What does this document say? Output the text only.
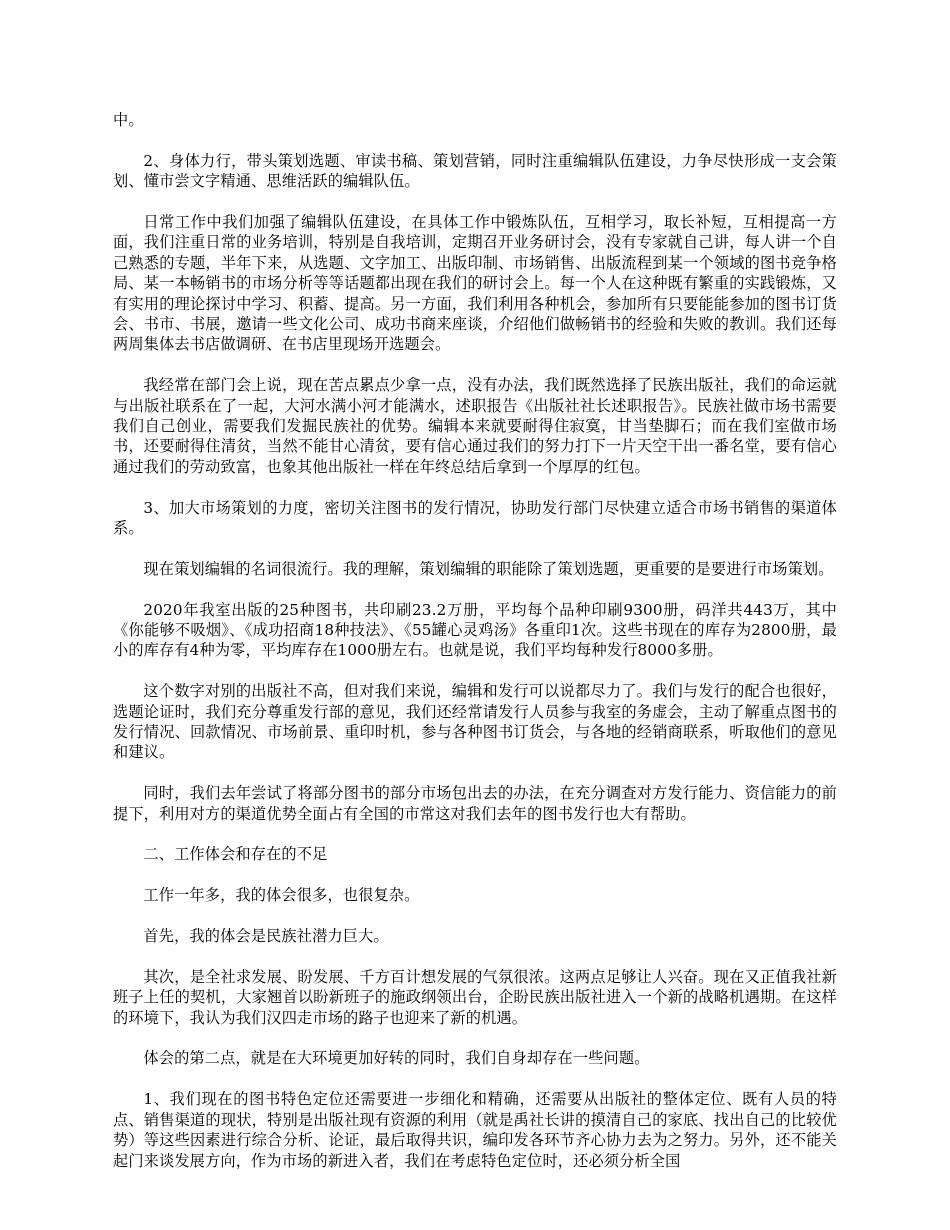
中。

2、身体力行，带头策划选题、审读书稿、策划营销，同时注重编辑队伍建设，力争尽快形成一支会策划、懂市尝文字精通、思维活跃的编辑队伍。

日常工作中我们加强了编辑队伍建设，在具体工作中锻炼队伍，互相学习，取长补短，互相提高一方面，我们注重日常的业务培训，特别是自我培训，定期召开业务研讨会，没有专家就自己讲，每人讲一个自己熟悉的专题，半年下来，从选题、文字加工、出版印制、市场销售、出版流程到某一个领域的图书竞争格局、某一本畅销书的市场分析等等话题都出现在我们的研讨会上。每一个人在这种既有繁重的实践锻炼，又有实用的理论探讨中学习、积蓄、提高。另一方面，我们利用各种机会，参加所有只要能能参加的图书订货会、书市、书展，邀请一些文化公司、成功书商来座谈，介绍他们做畅销书的经验和失败的教训。我们还每两周集体去书店做调研、在书店里现场开选题会。

我经常在部门会上说，现在苦点累点少拿一点，没有办法，我们既然选择了民族出版社，我们的命运就与出版社联系在了一起，大河水满小河才能满水，述职报告《出版社社长述职报告》。民族社做市场书需要我们自己创业，需要我们发掘民族社的优势。编辑本来就要耐得住寂寞，甘当垫脚石；而在我们室做市场书，还要耐得住清贫，当然不能甘心清贫，要有信心通过我们的努力打下一片天空干出一番名堂，要有信心通过我们的劳动致富，也象其他出版社一样在年终总结后拿到一个厚厚的红包。

3、加大市场策划的力度，密切关注图书的发行情况，协助发行部门尽快建立适合市场书销售的渠道体系。

现在策划编辑的名词很流行。我的理解，策划编辑的职能除了策划选题，更重要的是要进行市场策划。

2020年我室出版的25种图书，共印刷23.2万册，平均每个品种印刷9300册，码洋共443万，其中《你能够不吸烟》、《成功招商18种技法》、《55罐心灵鸡汤》各重印1次。这些书现在的库存为2800册，最小的库存有4种为零，平均库存在1000册左右。也就是说，我们平均每种发行8000多册。

这个数字对别的出版社不高，但对我们来说，编辑和发行可以说都尽力了。我们与发行的配合也很好，选题论证时，我们充分尊重发行部的意见，我们还经常请发行人员参与我室的务虚会，主动了解重点图书的发行情况、回款情况、市场前景、重印时机，参与各种图书订货会，与各地的经销商联系，听取他们的意见和建议。

同时，我们去年尝试了将部分图书的部分市场包出去的办法，在充分调查对方发行能力、资信能力的前提下，利用对方的渠道优势全面占有全国的市常这对我们去年的图书发行也大有帮助。

二、工作体会和存在的不足

工作一年多，我的体会很多，也很复杂。

首先，我的体会是民族社潜力巨大。

其次，是全社求发展、盼发展、千方百计想发展的气氛很浓。这两点足够让人兴奋。现在又正值我社新班子上任的契机，大家翘首以盼新班子的施政纲领出台，企盼民族出版社进入一个新的战略机遇期。在这样的环境下，我认为我们汉四走市场的路子也迎来了新的机遇。

体会的第二点，就是在大环境更加好转的同时，我们自身却存在一些问题。

1、我们现在的图书特色定位还需要进一步细化和精确，还需要从出版社的整体定位、既有人员的特点、销售渠道的现状，特别是出版社现有资源的利用（就是禹社长讲的摸清自己的家底、找出自己的比较优势）等这些因素进行综合分析、论证，最后取得共识，编印发各环节齐心协力去为之努力。另外，还不能关起门来谈发展方向，作为市场的新进入者，我们在考虑特色定位时，还必须分析全国
